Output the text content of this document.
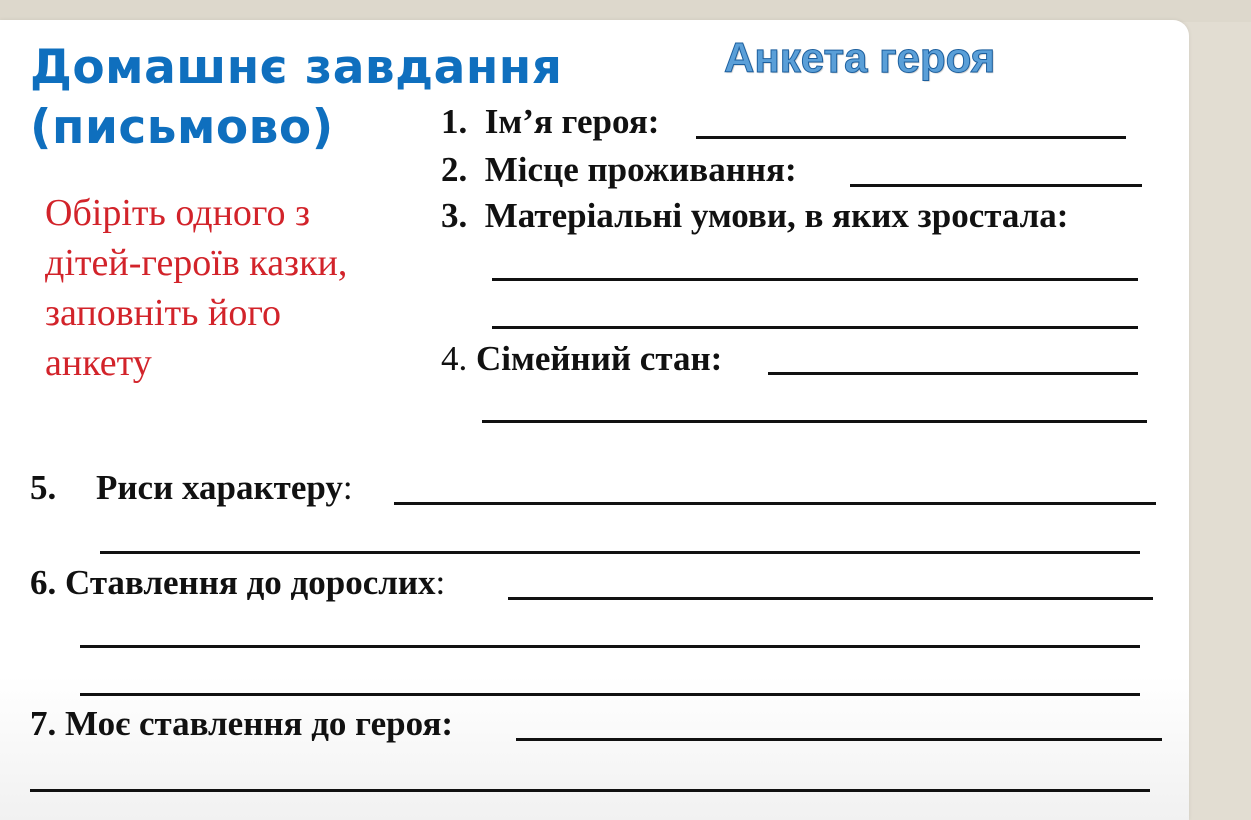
Домашнє завдання
(письмово)
Анкета героя
Обіріть одного з
дітей-героїв казки,
заповніть його
анкету
1.  Ім’я героя:
2.  Місце проживання:
3.  Матеріальні умови, в яких зростала:
4. Сімейний стан:
5. Риси характеру:
6. Ставлення до дорослих:
7. Моє ставлення до героя:
